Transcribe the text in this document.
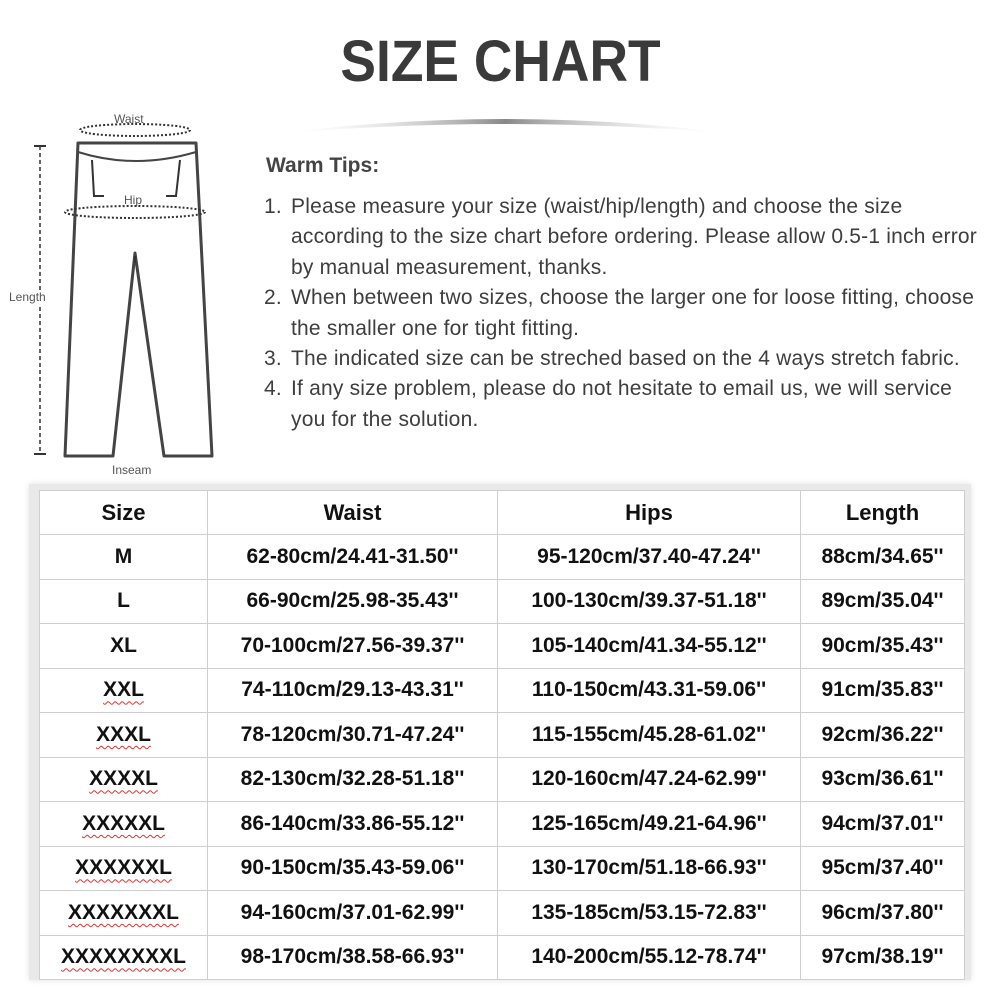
SIZE CHART
Waist
Hip
Inseam
Length
Warm Tips:
1. Please measure your size (waist/hip/length) and choose the size according to the size chart before ordering. Please allow 0.5-1 inch error by manual measurement, thanks.
2. When between two sizes, choose the larger one for loose fitting, choose the smaller one for tight fitting.
3. The indicated size can be streched based on the 4 ways stretch fabric.
4. If any size problem, please do not hesitate to email us, we will service you for the solution.
Size	Waist	Hips	Length
M	62-80cm/24.41-31.50''	95-120cm/37.40-47.24''	88cm/34.65''
L	66-90cm/25.98-35.43''	100-130cm/39.37-51.18''	89cm/35.04''
XL	70-100cm/27.56-39.37''	105-140cm/41.34-55.12''	90cm/35.43''
XXL	74-110cm/29.13-43.31''	110-150cm/43.31-59.06''	91cm/35.83''
XXXL	78-120cm/30.71-47.24''	115-155cm/45.28-61.02''	92cm/36.22''
XXXXL	82-130cm/32.28-51.18''	120-160cm/47.24-62.99''	93cm/36.61''
XXXXXL	86-140cm/33.86-55.12''	125-165cm/49.21-64.96''	94cm/37.01''
XXXXXXL	90-150cm/35.43-59.06''	130-170cm/51.18-66.93''	95cm/37.40''
XXXXXXXL	94-160cm/37.01-62.99''	135-185cm/53.15-72.83''	96cm/37.80''
XXXXXXXXL	98-170cm/38.58-66.93''	140-200cm/55.12-78.74''	97cm/38.19''
